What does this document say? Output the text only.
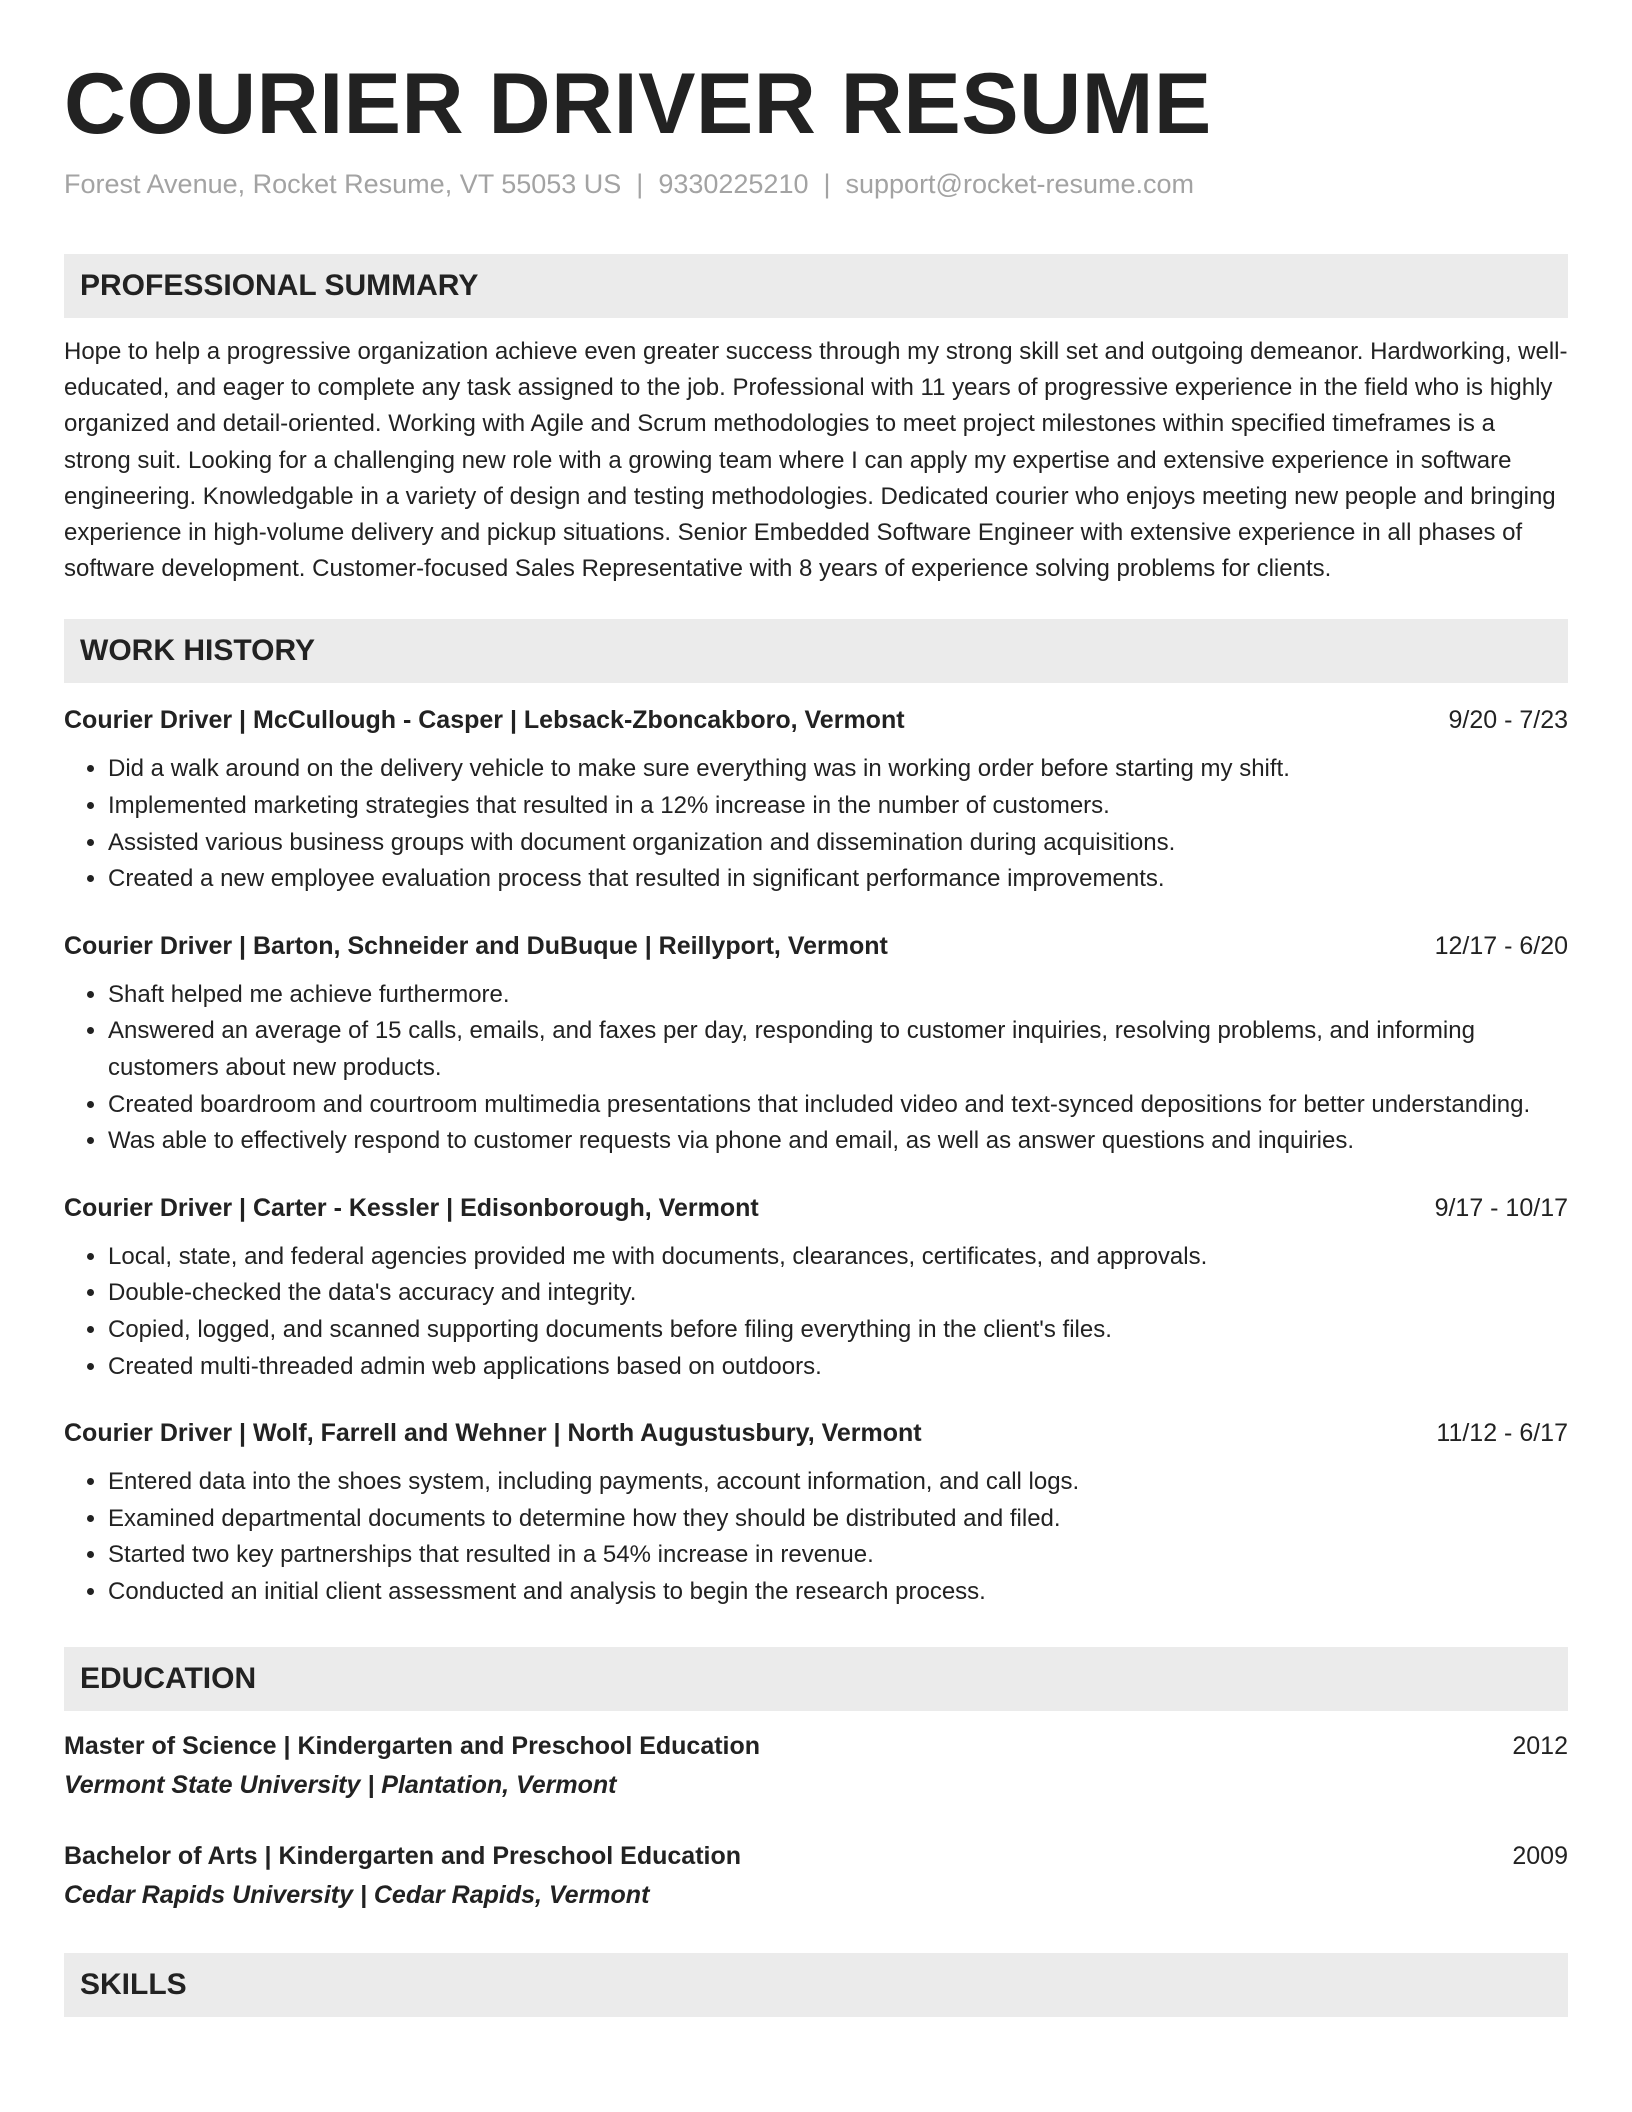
COURIER DRIVER RESUME
Forest Avenue, Rocket Resume, VT 55053 US | 9330225210 | support@rocket-resume.com
PROFESSIONAL SUMMARY

Hope to help a progressive organization achieve even greater success through my strong skill set and outgoing demeanor. Hardworking, well-educated, and eager to complete any task assigned to the job. Professional with 11 years of progressive experience in the field who is highly organized and detail-oriented. Working with Agile and Scrum methodologies to meet project milestones within specified timeframes is a strong suit. Looking for a challenging new role with a growing team where I can apply my expertise and extensive experience in software engineering. Knowledgable in a variety of design and testing methodologies. Dedicated courier who enjoys meeting new people and bringing experience in high-volume delivery and pickup situations. Senior Embedded Software Engineer with extensive experience in all phases of software development. Customer-focused Sales Representative with 8 years of experience solving problems for clients.

WORK HISTORY
Courier Driver | McCullough - Casper | Lebsack-Zboncakboro, Vermont	9/20 - 7/23
• Did a walk around on the delivery vehicle to make sure everything was in working order before starting my shift.
• Implemented marketing strategies that resulted in a 12% increase in the number of customers.
• Assisted various business groups with document organization and dissemination during acquisitions.
• Created a new employee evaluation process that resulted in significant performance improvements.
Courier Driver | Barton, Schneider and DuBuque | Reillyport, Vermont	12/17 - 6/20
• Shaft helped me achieve furthermore.
• Answered an average of 15 calls, emails, and faxes per day, responding to customer inquiries, resolving problems, and informing customers about new products.
• Created boardroom and courtroom multimedia presentations that included video and text-synced depositions for better understanding.
• Was able to effectively respond to customer requests via phone and email, as well as answer questions and inquiries.
Courier Driver | Carter - Kessler | Edisonborough, Vermont	9/17 - 10/17
• Local, state, and federal agencies provided me with documents, clearances, certificates, and approvals.
• Double-checked the data's accuracy and integrity.
• Copied, logged, and scanned supporting documents before filing everything in the client's files.
• Created multi-threaded admin web applications based on outdoors.
Courier Driver | Wolf, Farrell and Wehner | North Augustusbury, Vermont	11/12 - 6/17
• Entered data into the shoes system, including payments, account information, and call logs.
• Examined departmental documents to determine how they should be distributed and filed.
• Started two key partnerships that resulted in a 54% increase in revenue.
• Conducted an initial client assessment and analysis to begin the research process.
EDUCATION
Master of Science | Kindergarten and Preschool Education	2012
Vermont State University | Plantation, Vermont
Bachelor of Arts | Kindergarten and Preschool Education	2009
Cedar Rapids University | Cedar Rapids, Vermont
SKILLS
